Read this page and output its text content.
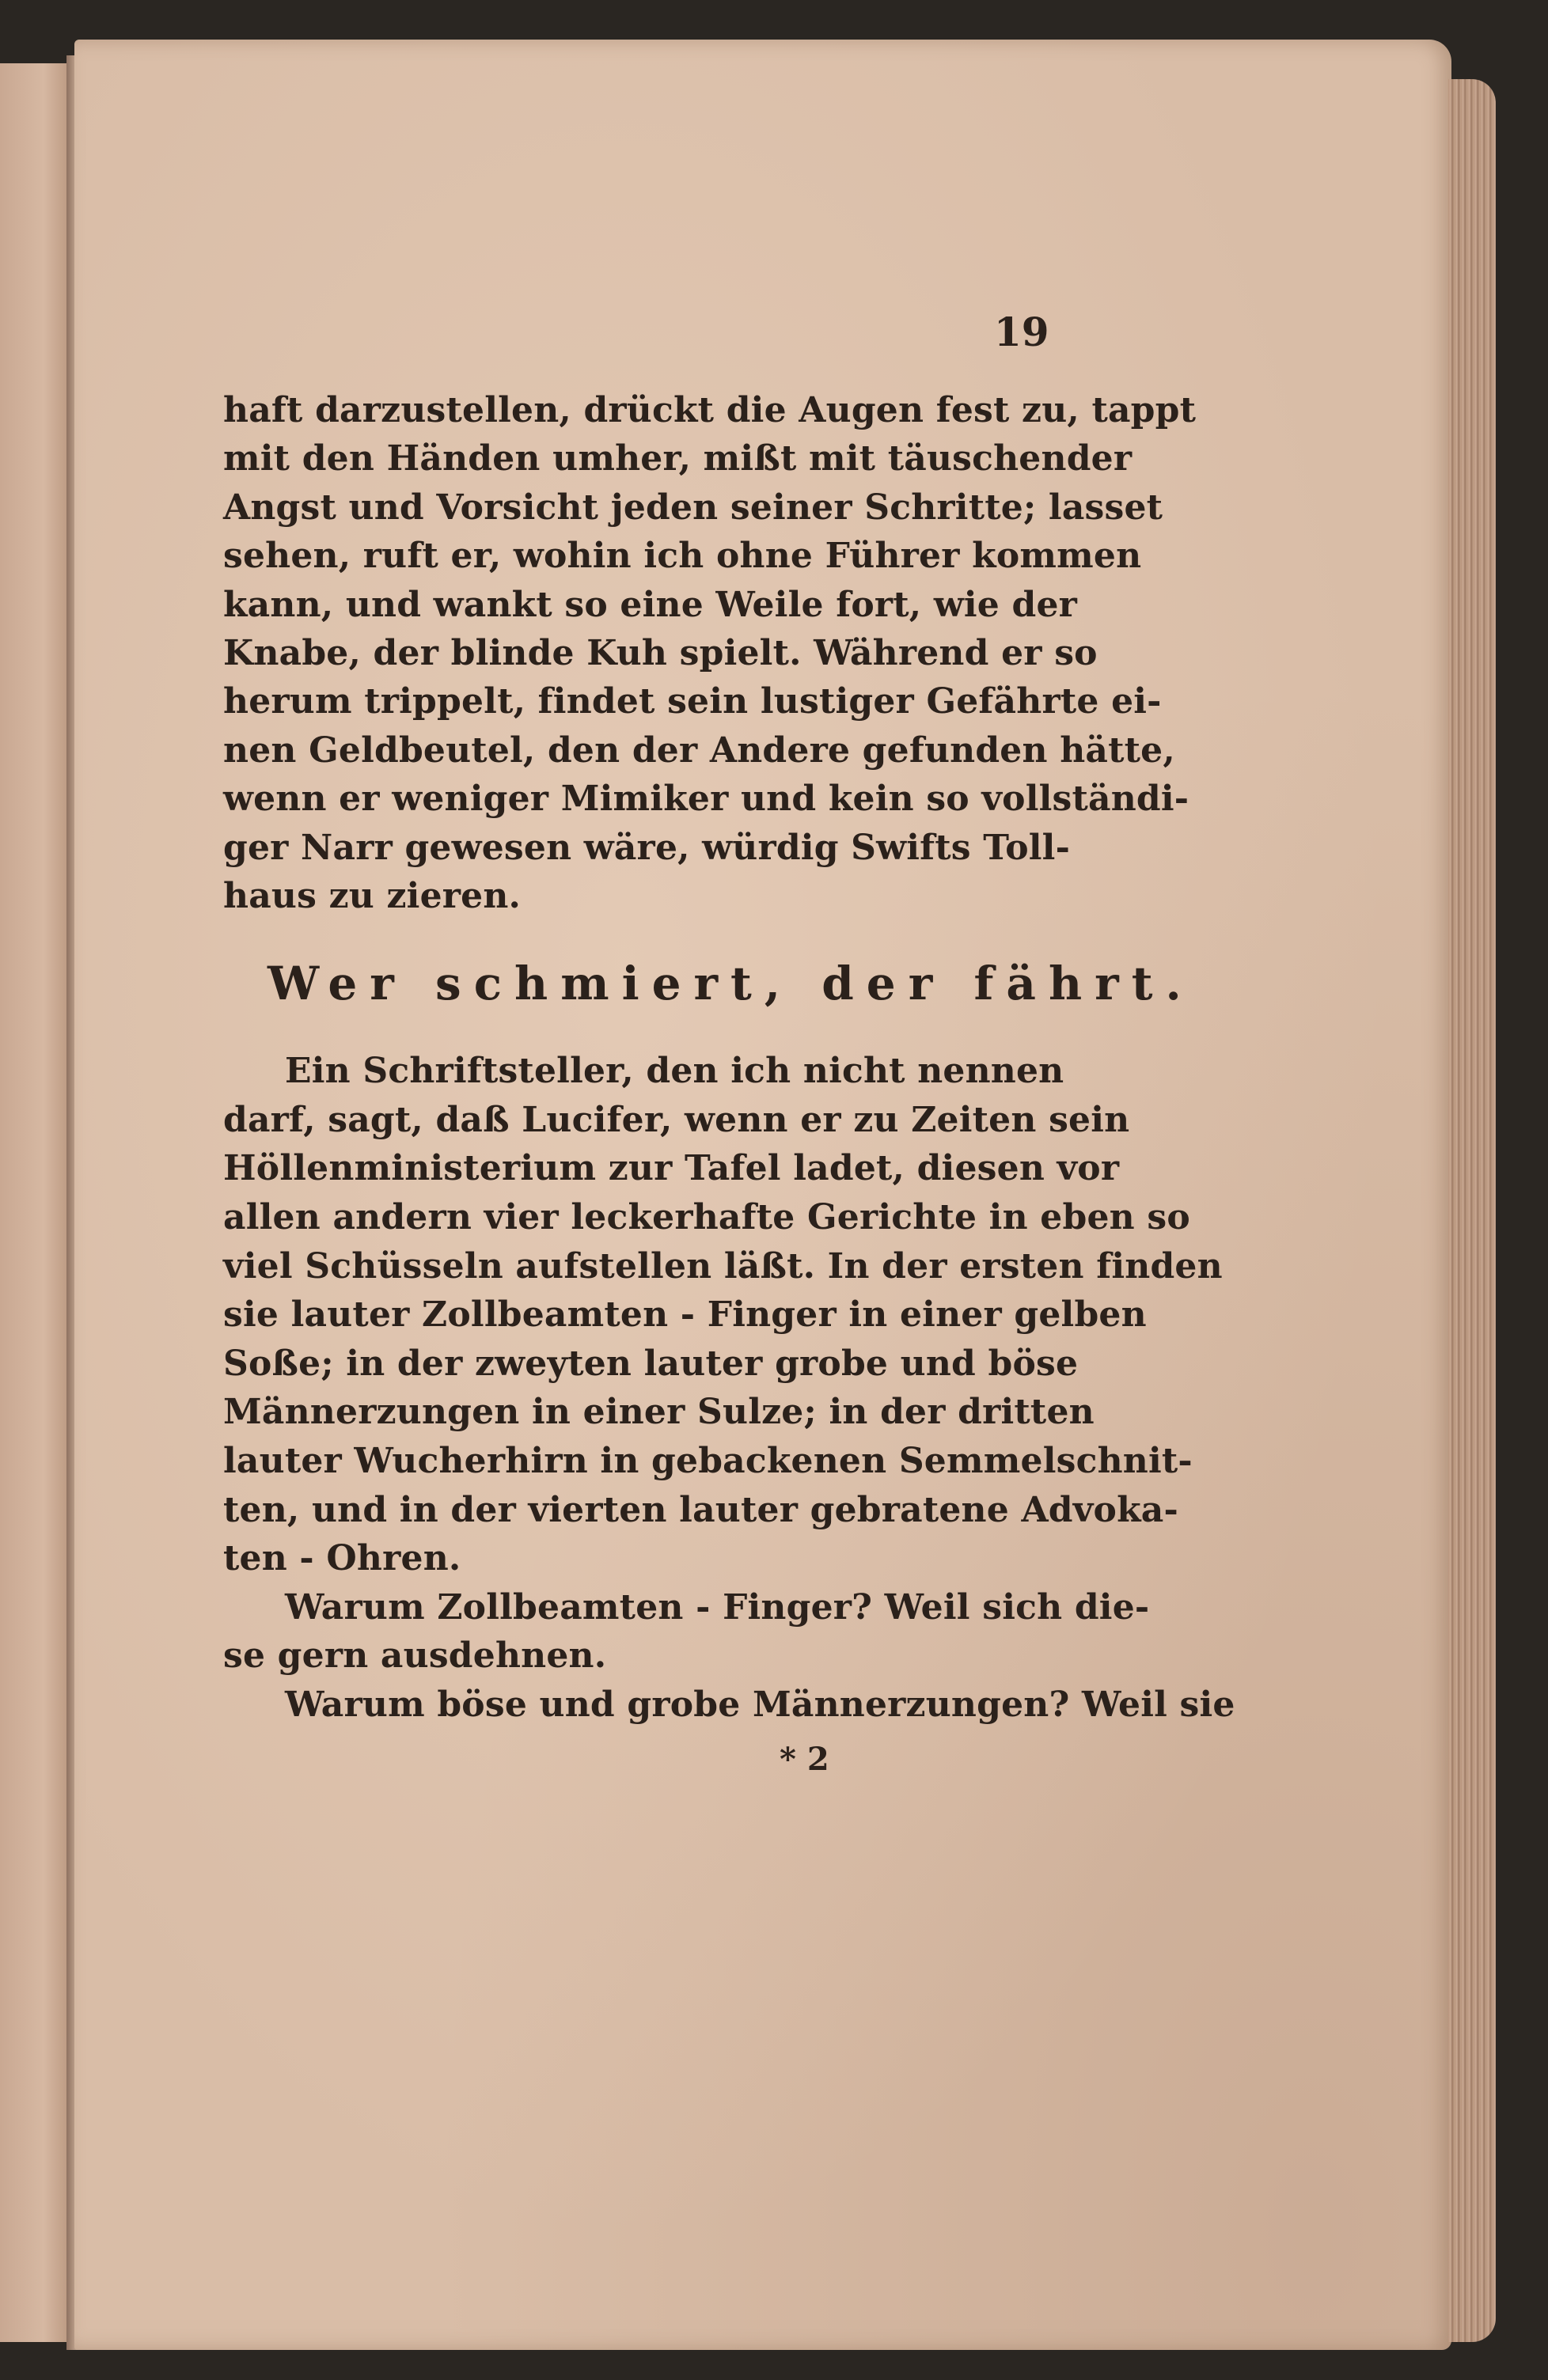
19
haft darzustellen, drückt die Augen fest zu, tappt
mit den Händen umher, mißt mit täuschender
Angst und Vorsicht jeden seiner Schritte; lasset
sehen, ruft er, wohin ich ohne Führer kommen
kann, und wankt so eine Weile fort, wie der
Knabe, der blinde Kuh spielt. Während er so
herum trippelt, findet sein lustiger Gefährte ei-
nen Geldbeutel, den der Andere gefunden hätte,
wenn er weniger Mimiker und kein so vollständi-
ger Narr gewesen wäre, würdig Swifts Toll-
haus zu zieren.
Wer schmiert, der fährt.
Ein Schriftsteller, den ich nicht nennen
darf, sagt, daß Lucifer, wenn er zu Zeiten sein
Höllenministerium zur Tafel ladet, diesen vor
allen andern vier leckerhafte Gerichte in eben so
viel Schüsseln aufstellen läßt. In der ersten finden
sie lauter Zollbeamten - Finger in einer gelben
Soße; in der zweyten lauter grobe und böse
Männerzungen in einer Sulze; in der dritten
lauter Wucherhirn in gebackenen Semmelschnit-
ten, und in der vierten lauter gebratene Advoka-
ten - Ohren.
Warum Zollbeamten - Finger? Weil sich die-
se gern ausdehnen.
Warum böse und grobe Männerzungen? Weil sie
* 2
